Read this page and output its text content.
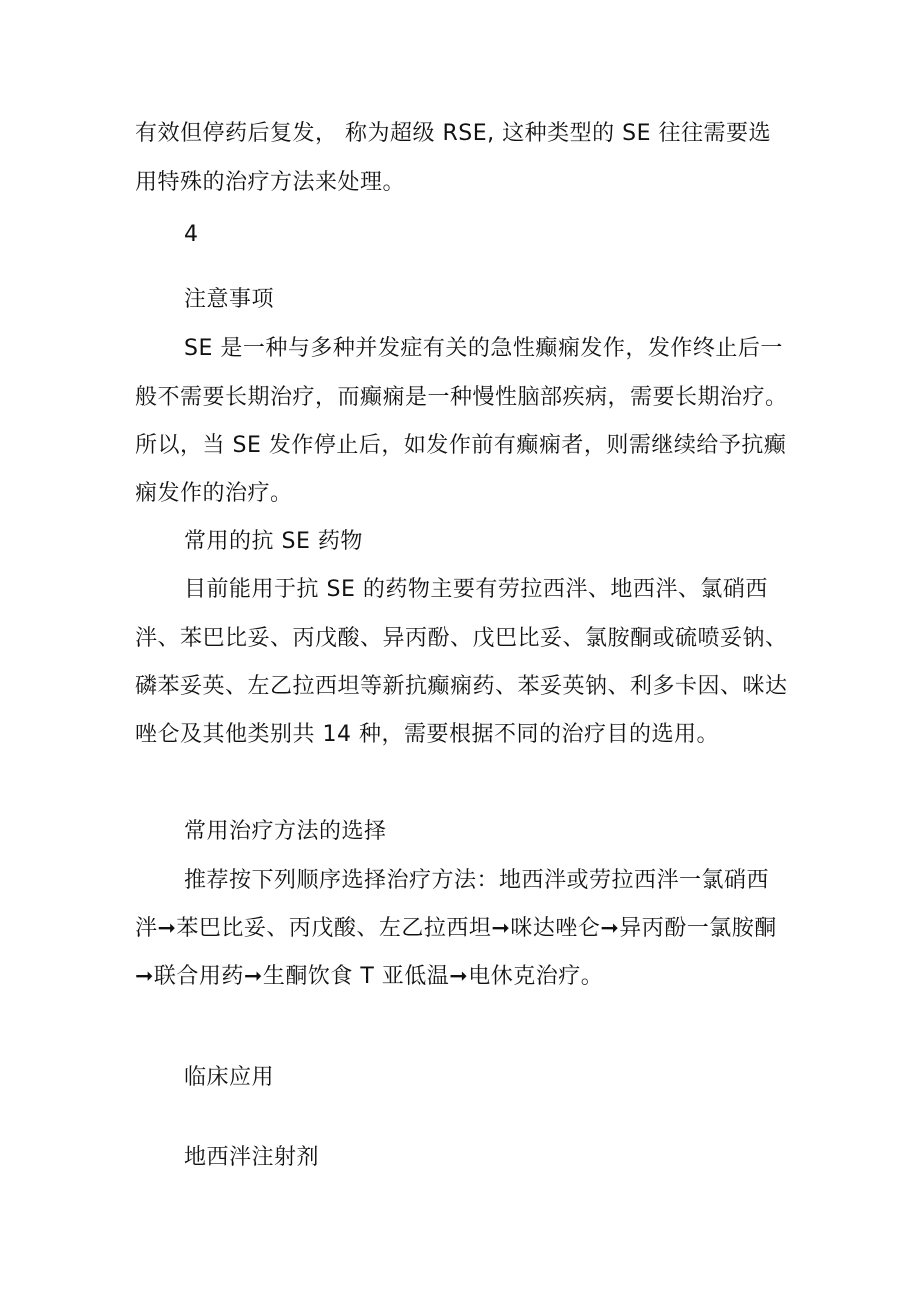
有效但停药后复发， 称为超级 RSE, 这种类型的 SE 往往需要选
用特殊的治疗方法来处理。
4
注意事项
SE 是一种与多种并发症有关的急性癫痫发作，发作终止后一
般不需要长期治疗，而癫痫是一种慢性脑部疾病，需要长期治疗。
所以，当 SE 发作停止后，如发作前有癫痫者，则需继续给予抗癫
痫发作的治疗。
常用的抗 SE 药物
目前能用于抗 SE 的药物主要有劳拉西泮、地西泮、氯硝西
泮、苯巴比妥、丙戊酸、异丙酚、戊巴比妥、氯胺酮或硫喷妥钠、
磷苯妥英、左乙拉西坦等新抗癫痫药、苯妥英钠、利多卡因、咪达
唑仑及其他类别共 14 种，需要根据不同的治疗目的选用。
常用治疗方法的选择
推荐按下列顺序选择治疗方法：地西泮或劳拉西泮一氯硝西
泮➞苯巴比妥、丙戊酸、左乙拉西坦➞咪达唑仑➞异丙酚一氯胺酮
➞联合用药➞生酮饮食 T 亚低温➞电休克治疗。
临床应用
地西泮注射剂
